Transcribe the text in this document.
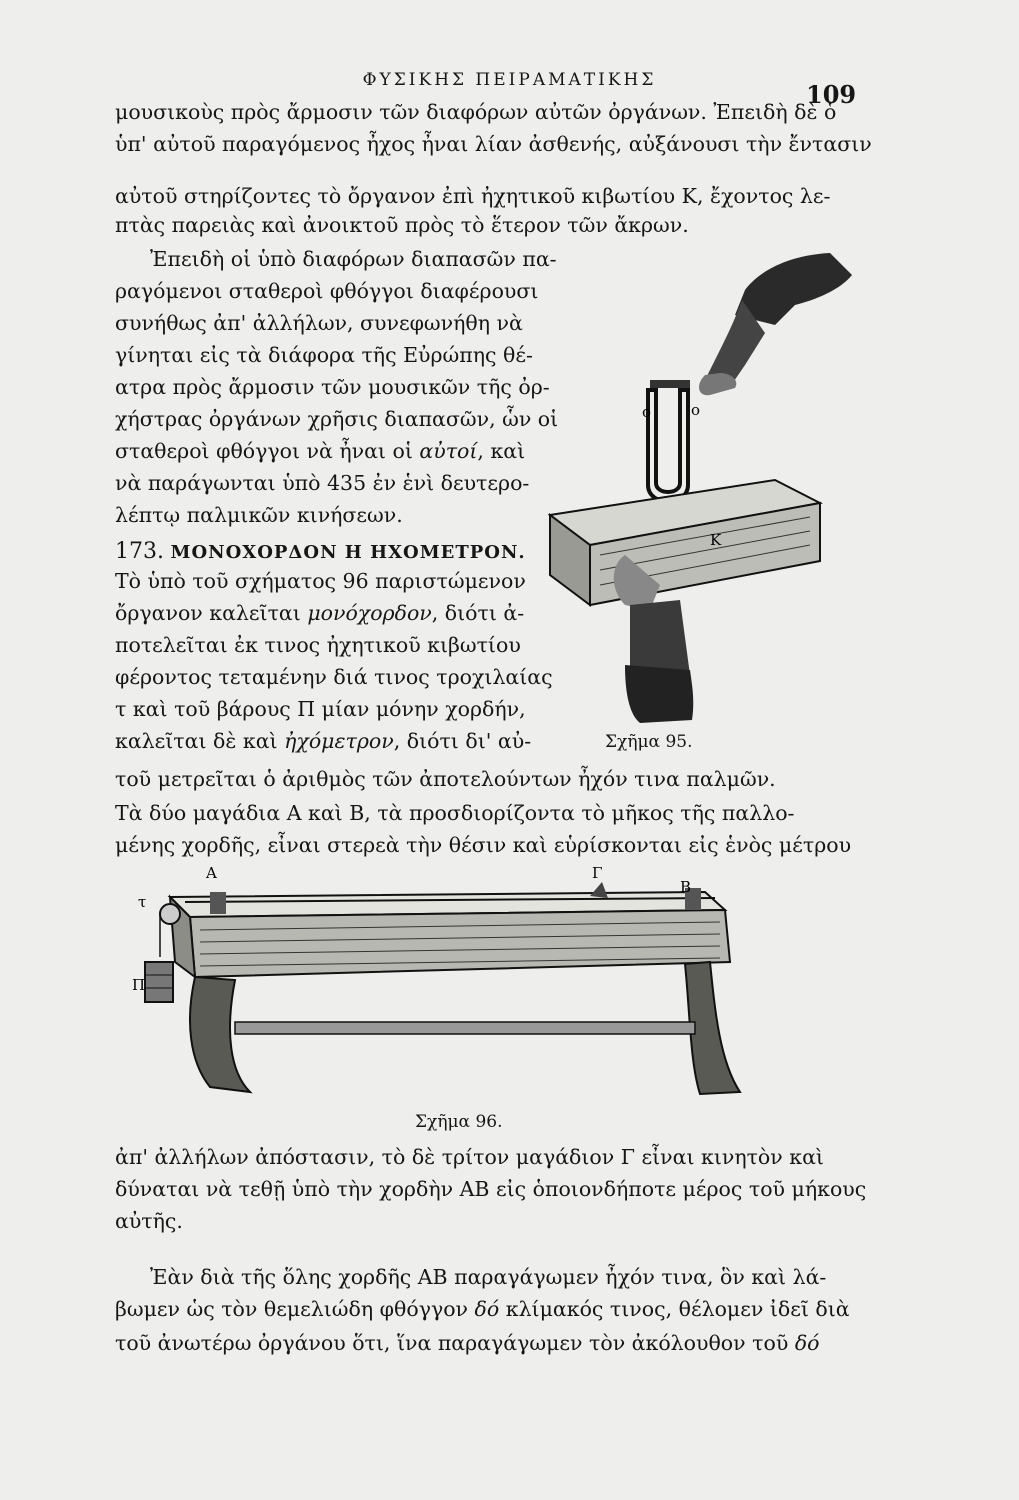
ΦΥΣΙΚΗΣ ΠΕΙΡΑΜΑΤΙΚΗΣ	109
μουσικοὺς πρὸς ἄρμοσιν τῶν διαφόρων αὐτῶν ὀργάνων. Ἐπειδὴ δὲ ὁ
ὑπ' αὐτοῦ παραγόμενος ἦχος ἦναι λίαν ἀσθενής, αὐξάνουσι τὴν ἔντασιν
αὐτοῦ στηρίζοντες τὸ ὄργανον ἐπὶ ἠχητικοῦ κιβωτίου Κ, ἔχοντος λε-
πτὰς παρειὰς καὶ ἀνοικτοῦ πρὸς τὸ ἕτερον τῶν ἄκρων.
Ἐπειδὴ οἱ ὑπὸ διαφόρων διαπασῶν πα-
ραγόμενοι σταθεροὶ φθόγγοι διαφέρουσι
συνήθως ἀπ' ἀλλήλων, συνεφωνήθη νὰ
γίνηται εἰς τὰ διάφορα τῆς Εὐρώπης θέ-
ατρα πρὸς ἄρμοσιν τῶν μουσικῶν τῆς ὀρ-
χήστρας ὀργάνων χρῆσις διαπασῶν, ὧν οἱ
σταθεροὶ φθόγγοι νὰ ἦναι οἱ αὐτοί, καὶ
νὰ παράγωνται ὑπὸ 435 ἐν ἑνὶ δευτερο-
λέπτῳ παλμικῶν κινήσεων.
173. ΜΟΝΟΧΟΡΔΟΝ Η ΗΧΟΜΕΤΡΟΝ.
Τὸ ὑπὸ τοῦ σχήματος 96 παριστώμενον
ὄργανον καλεῖται μονόχορδον, διότι ἀ-
ποτελεῖται ἐκ τινος ἠχητικοῦ κιβωτίου
φέροντος τεταμένην διά τινος τροχιλαίας
τ καὶ τοῦ βάρους Π μίαν μόνην χορδήν,
καλεῖται δὲ καὶ ἠχόμετρον, διότι δι' αὐ-
τοῦ μετρεῖται ὁ ἀριθμὸς τῶν ἀποτελούντων ἦχόν τινα παλμῶν.
Τὰ δύο μαγάδια Α καὶ Β, τὰ προσδιορίζοντα τὸ μῆκος τῆς παλλο-
μένης χορδῆς, εἶναι στερεὰ τὴν θέσιν καὶ εὑρίσκονται εἰς ἑνὸς μέτρου
ο	ο
Κ
Σχῆμα 95.
Α	Γ
Β
τ
Π
Σχῆμα 96.
ἀπ' ἀλλήλων ἀπόστασιν, τὸ δὲ τρίτον μαγάδιον Γ εἶναι κινητὸν καὶ
δύναται νὰ τεθῇ ὑπὸ τὴν χορδὴν ΑΒ εἰς ὁποιονδήποτε μέρος τοῦ μήκους
αὐτῆς.
Ἐὰν διὰ τῆς ὅλης χορδῆς ΑΒ παραγάγωμεν ἦχόν τινα, ὃν καὶ λά-
βωμεν ὡς τὸν θεμελιώδη φθόγγον δό κλίμακός τινος, θέλομεν ἰδεῖ διὰ
τοῦ ἀνωτέρω ὀργάνου ὅτι, ἵνα παραγάγωμεν τὸν ἀκόλουθον τοῦ δό
